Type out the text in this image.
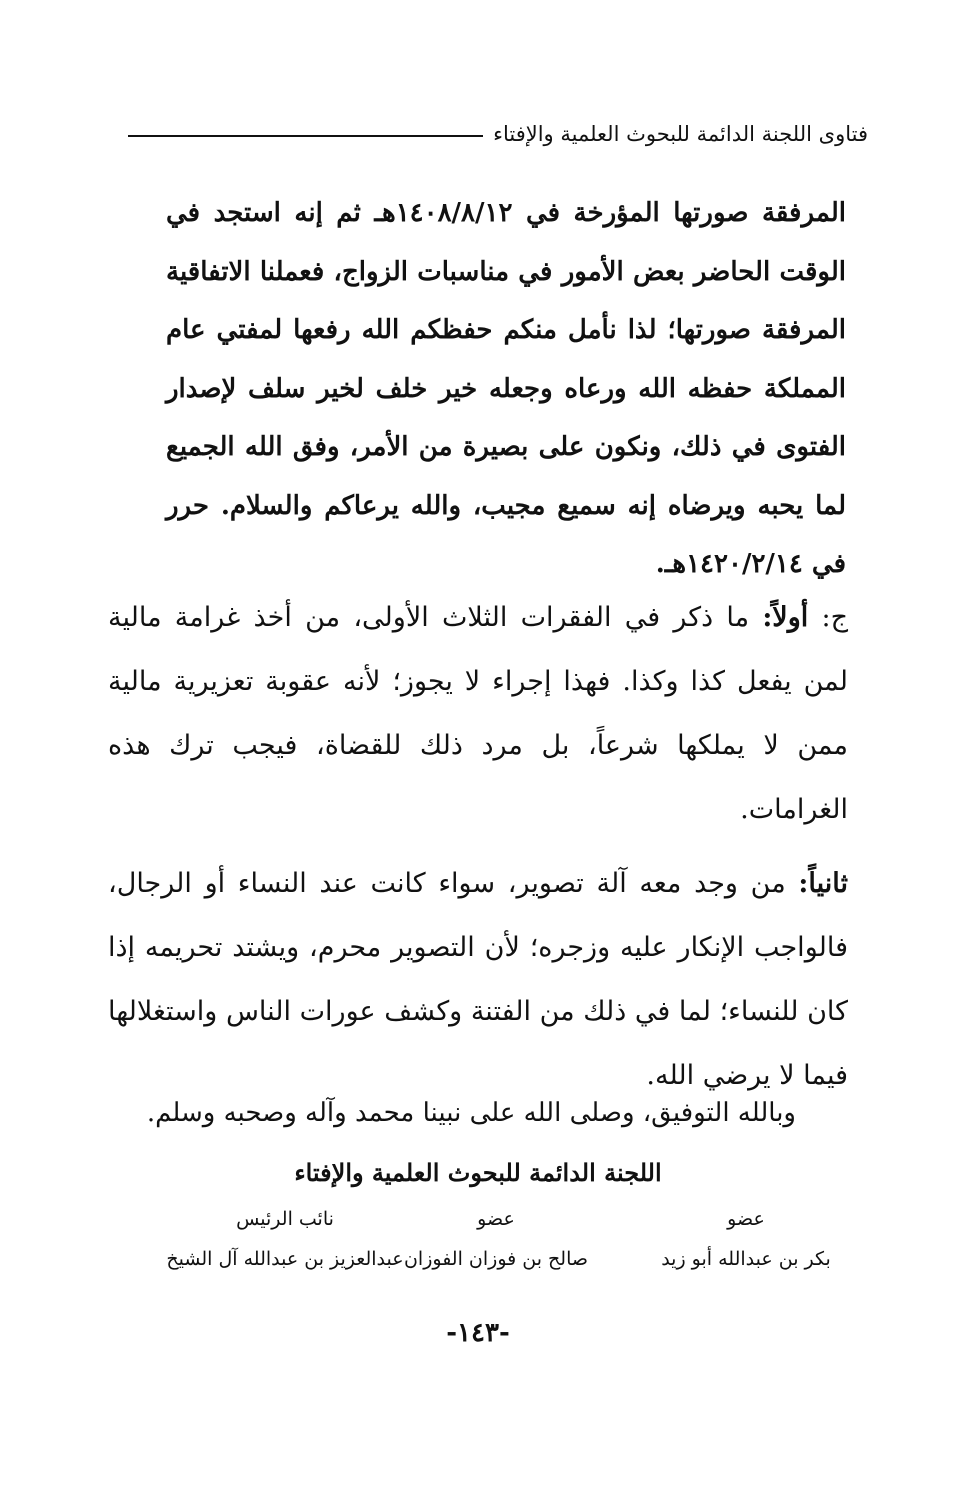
فتاوى اللجنة الدائمة للبحوث العلمية والإفتاء
المرفقة صورتها المؤرخة في ١٤٠٨/٨/١٢هـ ثم إنه استجد في الوقت الحاضر بعض الأمور في مناسبات الزواج، فعملنا الاتفاقية المرفقة صورتها؛ لذا نأمل منكم حفظكم الله رفعها لمفتي عام المملكة حفظه الله ورعاه وجعله خير خلف لخير سلف لإصدار الفتوى في ذلك، ونكون على بصيرة من الأمر، وفق الله الجميع لما يحبه ويرضاه إنه سميع مجيب، والله يرعاكم والسلام. حرر في ١٤٢٠/٢/١٤هـ.

ج: أولاً: ما ذكر في الفقرات الثلاث الأولى، من أخذ غرامة مالية لمن يفعل كذا وكذا. فهذا إجراء لا يجوز؛ لأنه عقوبة تعزيرية مالية ممن لا يملكها شرعاً، بل مرد ذلك للقضاة، فيجب ترك هذه الغرامات.

ثانياً: من وجد معه آلة تصوير، سواء كانت عند النساء أو الرجال، فالواجب الإنكار عليه وزجره؛ لأن التصوير محرم، ويشتد تحريمه إذا كان للنساء؛ لما في ذلك من الفتنة وكشف عورات الناس واستغلالها فيما لا يرضي الله.

وبالله التوفيق، وصلى الله على نبينا محمد وآله وصحبه وسلم.
اللجنة الدائمة للبحوث العلمية والإفتاء
عضو
بكر بن عبدالله أبو زيد
عضو
صالح بن فوزان الفوزان
نائب الرئيس
عبدالعزيز بن عبدالله آل الشيخ
-١٤٣-
